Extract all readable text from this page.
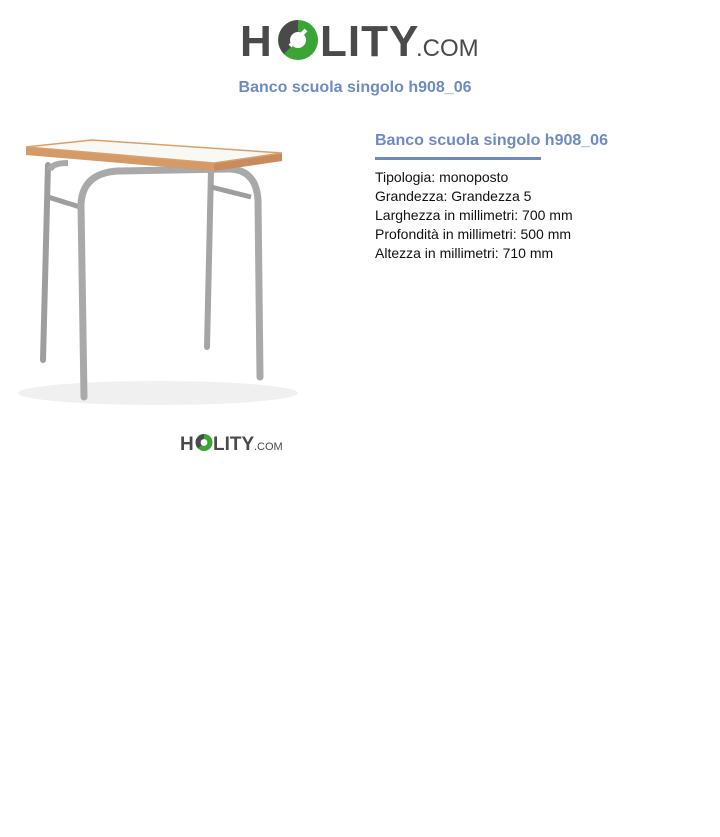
H LITY
.COM
Banco scuola singolo h908_06
H LITY .COM
Banco scuola singolo h908_06
Tipologia: monoposto
Grandezza: Grandezza 5
Larghezza in millimetri: 700 mm
Profondità in millimetri: 500 mm
Altezza in millimetri: 710 mm
